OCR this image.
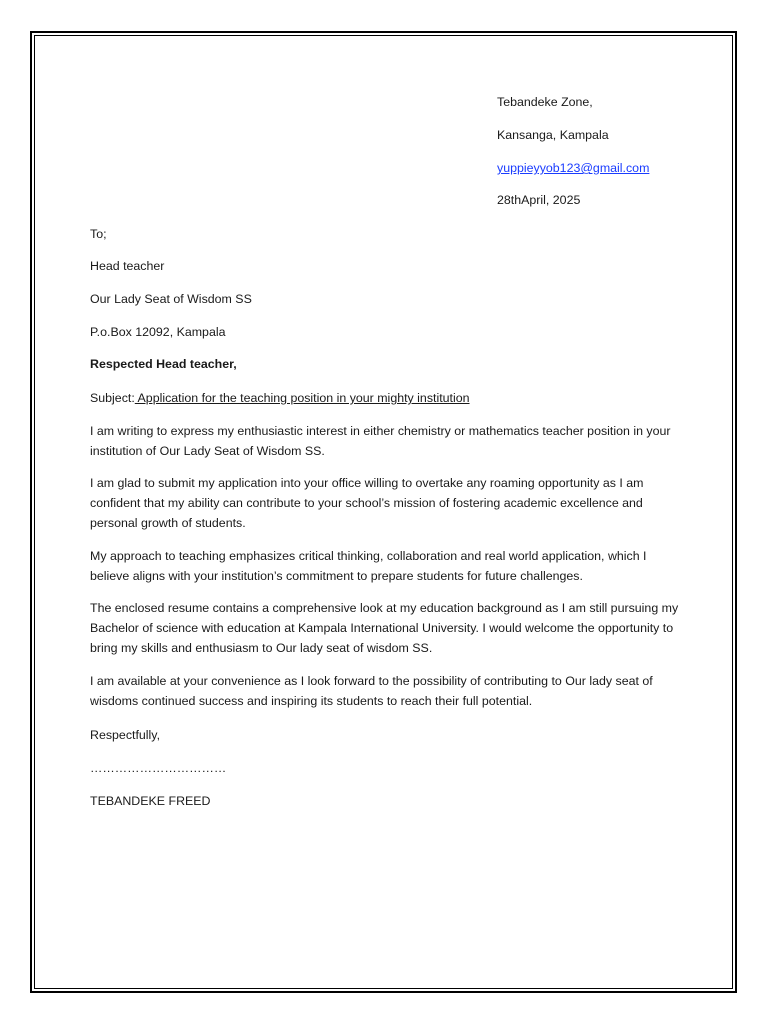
Tebandeke Zone,
Kansanga, Kampala
yuppieyyob123@gmail.com
28thApril, 2025
To;
Head teacher
Our Lady Seat of Wisdom SS
P.o.Box 12092, Kampala
Respected Head teacher,
Subject: Application for the teaching position in your mighty institution
I am writing to express my enthusiastic interest in either chemistry or mathematics teacher position in your institution of Our Lady Seat of Wisdom SS.
I am glad to submit my application into your office willing to overtake any roaming opportunity as I am confident that my ability can contribute to your school’s mission of fostering academic excellence and personal growth of students.
My approach to teaching emphasizes critical thinking, collaboration and real world application, which I believe aligns with your institution’s commitment to prepare students for future challenges.
The enclosed resume contains a comprehensive look at my education background as I am still pursuing my Bachelor of science with education at Kampala International University. I would welcome the opportunity to bring my skills and enthusiasm to Our lady seat of wisdom SS.
I am available at your convenience as I look forward to the possibility of contributing to Our lady seat of wisdoms continued success and inspiring its students to reach their full potential.
Respectfully,
……………………………
TEBANDEKE FREED
